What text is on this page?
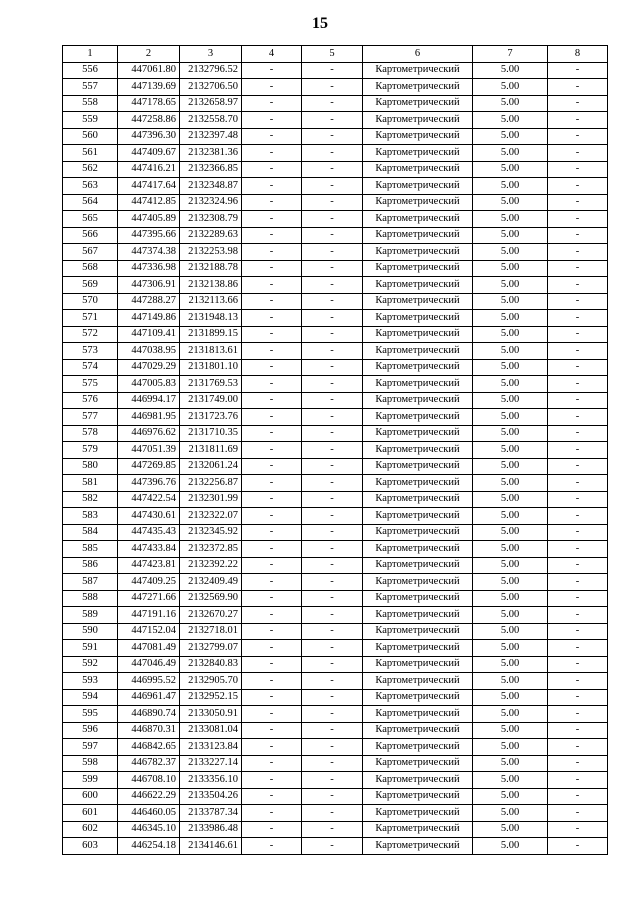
15
1	2	3	4	5	6	7	8
556	447061.80	2132796.52	-	-	Картометрический	5.00	-
557	447139.69	2132706.50	-	-	Картометрический	5.00	-
558	447178.65	2132658.97	-	-	Картометрический	5.00	-
559	447258.86	2132558.70	-	-	Картометрический	5.00	-
560	447396.30	2132397.48	-	-	Картометрический	5.00	-
561	447409.67	2132381.36	-	-	Картометрический	5.00	-
562	447416.21	2132366.85	-	-	Картометрический	5.00	-
563	447417.64	2132348.87	-	-	Картометрический	5.00	-
564	447412.85	2132324.96	-	-	Картометрический	5.00	-
565	447405.89	2132308.79	-	-	Картометрический	5.00	-
566	447395.66	2132289.63	-	-	Картометрический	5.00	-
567	447374.38	2132253.98	-	-	Картометрический	5.00	-
568	447336.98	2132188.78	-	-	Картометрический	5.00	-
569	447306.91	2132138.86	-	-	Картометрический	5.00	-
570	447288.27	2132113.66	-	-	Картометрический	5.00	-
571	447149.86	2131948.13	-	-	Картометрический	5.00	-
572	447109.41	2131899.15	-	-	Картометрический	5.00	-
573	447038.95	2131813.61	-	-	Картометрический	5.00	-
574	447029.29	2131801.10	-	-	Картометрический	5.00	-
575	447005.83	2131769.53	-	-	Картометрический	5.00	-
576	446994.17	2131749.00	-	-	Картометрический	5.00	-
577	446981.95	2131723.76	-	-	Картометрический	5.00	-
578	446976.62	2131710.35	-	-	Картометрический	5.00	-
579	447051.39	2131811.69	-	-	Картометрический	5.00	-
580	447269.85	2132061.24	-	-	Картометрический	5.00	-
581	447396.76	2132256.87	-	-	Картометрический	5.00	-
582	447422.54	2132301.99	-	-	Картометрический	5.00	-
583	447430.61	2132322.07	-	-	Картометрический	5.00	-
584	447435.43	2132345.92	-	-	Картометрический	5.00	-
585	447433.84	2132372.85	-	-	Картометрический	5.00	-
586	447423.81	2132392.22	-	-	Картометрический	5.00	-
587	447409.25	2132409.49	-	-	Картометрический	5.00	-
588	447271.66	2132569.90	-	-	Картометрический	5.00	-
589	447191.16	2132670.27	-	-	Картометрический	5.00	-
590	447152.04	2132718.01	-	-	Картометрический	5.00	-
591	447081.49	2132799.07	-	-	Картометрический	5.00	-
592	447046.49	2132840.83	-	-	Картометрический	5.00	-
593	446995.52	2132905.70	-	-	Картометрический	5.00	-
594	446961.47	2132952.15	-	-	Картометрический	5.00	-
595	446890.74	2133050.91	-	-	Картометрический	5.00	-
596	446870.31	2133081.04	-	-	Картометрический	5.00	-
597	446842.65	2133123.84	-	-	Картометрический	5.00	-
598	446782.37	2133227.14	-	-	Картометрический	5.00	-
599	446708.10	2133356.10	-	-	Картометрический	5.00	-
600	446622.29	2133504.26	-	-	Картометрический	5.00	-
601	446460.05	2133787.34	-	-	Картометрический	5.00	-
602	446345.10	2133986.48	-	-	Картометрический	5.00	-
603	446254.18	2134146.61	-	-	Картометрический	5.00	-
